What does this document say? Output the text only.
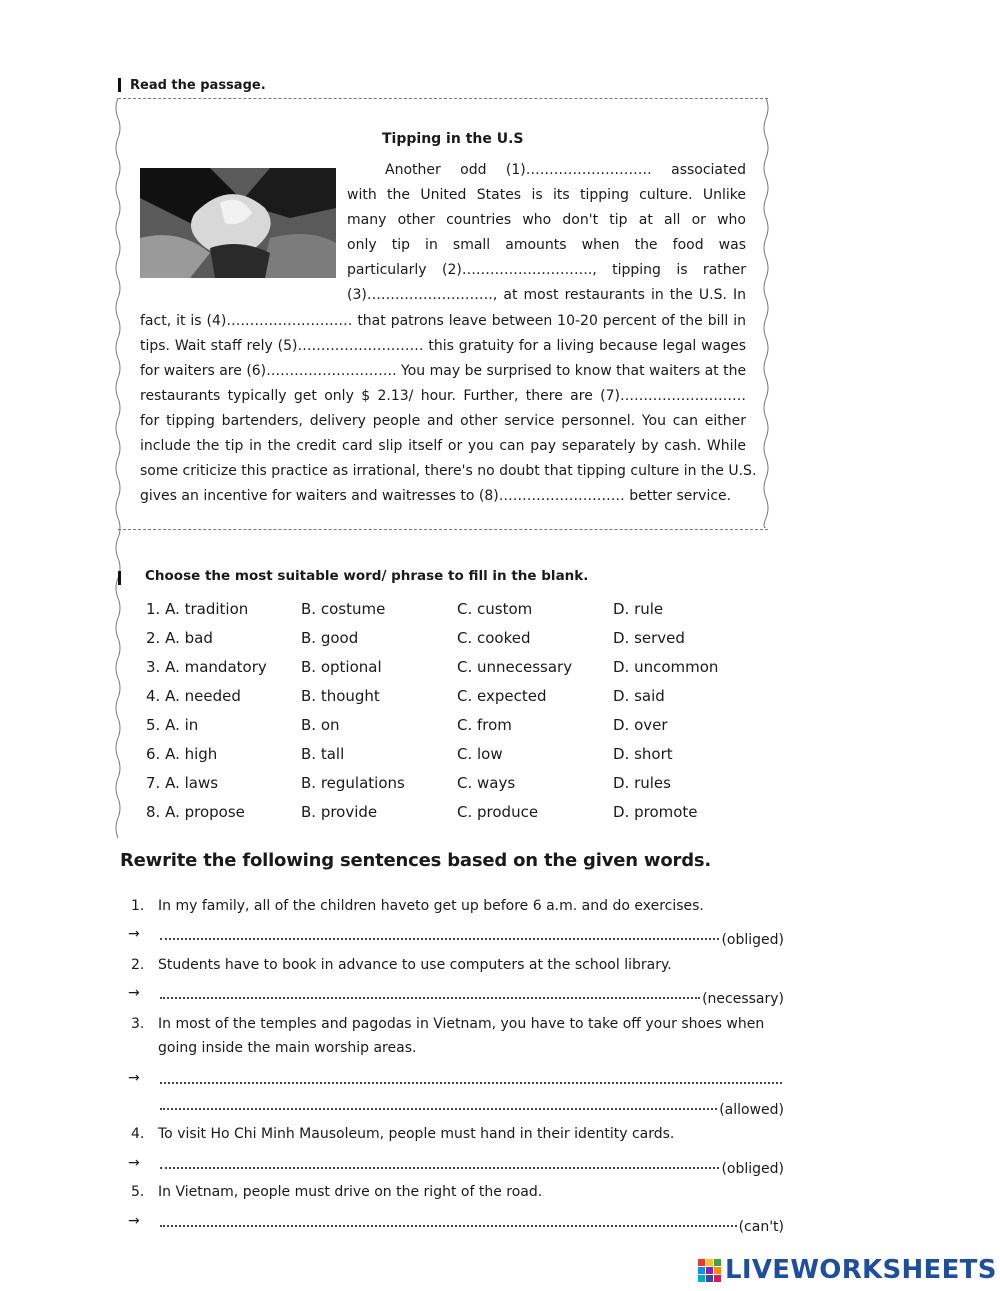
Read the passage.
Tipping in the U.S
Another odd (1)……………………… associated
with the United States is its tipping culture. Unlike
many other countries who don't tip at all or who
only tip in small amounts when the food was
particularly (2)………………………., tipping is rather
(3)………………………, at most restaurants in the U.S. In
fact, it is (4)……………………… that patrons leave between 10-20 percent of the bill in
tips. Wait staff rely (5)……………………… this gratuity for a living because legal wages
for waiters are (6)………………………. You may be surprised to know that waiters at the
restaurants typically get only $ 2.13/ hour. Further, there are (7)………………………
for tipping bartenders, delivery people and other service personnel. You can either
include the tip in the credit card slip itself or you can pay separately by cash. While
some criticize this practice as irrational, there's no doubt that tipping culture in the U.S.
gives an incentive for waiters and waitresses to (8)……………………… better service.
Choose the most suitable word/ phrase to fill in the blank.
1. A. tradition	B. costume	C. custom	D. rule
2. A. bad	B. good	C. cooked	D. served
3. A. mandatory B. optional	C. unnecessary	D. uncommon
4. A. needed	B. thought	C. expected	D. said
5. A. in	B. on	C. from	D. over
6. A. high	B. tall	C. low	D. short
7. A. laws	B. regulations	C. ways	D. rules
8. A. propose	B. provide	C. produce	D. promote
Rewrite the following sentences based on the given words.
1. In my family, all of the children haveto get up before 6 a.m. and do exercises.
→	(obliged)
2. Students have to book in advance to use computers at the school library.
→	(necessary)
3. In most of the temples and pagodas in Vietnam, you have to take off your shoes when
going inside the main worship areas.
→
(allowed)
4. To visit Ho Chi Minh Mausoleum, people must hand in their identity cards.
→	(obliged)
5. In Vietnam, people must drive on the right of the road.
→	(can't)
LIVEWORKSHEETS
